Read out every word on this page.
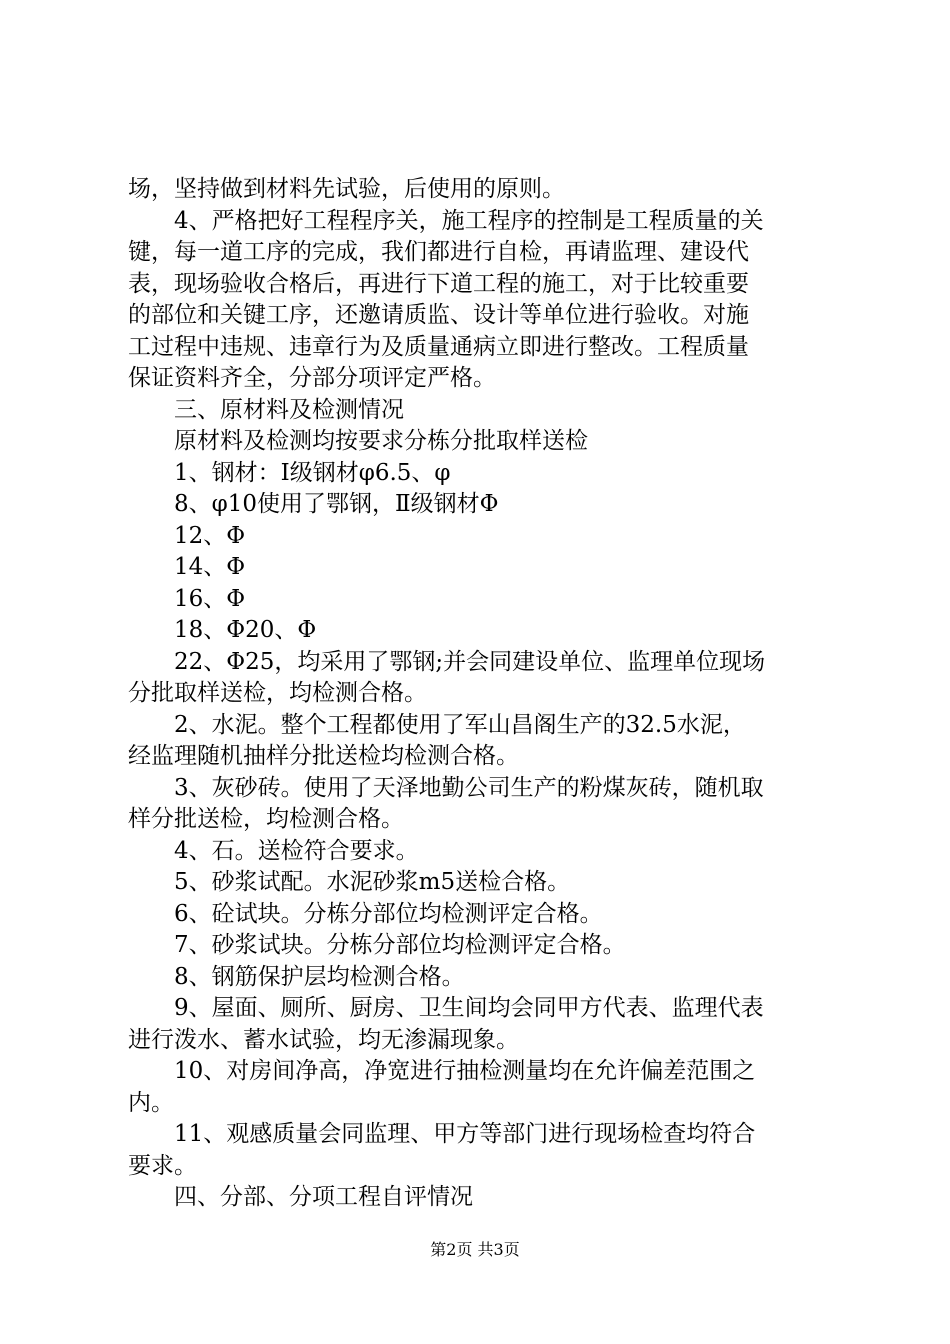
场，坚持做到材料先试验，后使用的原则。
　　4、严格把好工程程序关，施工程序的控制是工程质量的关
键，每一道工序的完成，我们都进行自检，再请监理、建设代
表，现场验收合格后，再进行下道工程的施工，对于比较重要
的部位和关键工序，还邀请质监、设计等单位进行验收。对施
工过程中违规、违章行为及质量通病立即进行整改。工程质量
保证资料齐全，分部分项评定严格。
　　三、原材料及检测情况
　　原材料及检测均按要求分栋分批取样送检
　　1、钢材：Ⅰ级钢材φ6.5、φ
　　8、φ10使用了鄂钢，Ⅱ级钢材Φ
　　12、Φ
　　14、Φ
　　16、Φ
　　18、Φ20、Φ
　　22、Φ25，均采用了鄂钢;并会同建设单位、监理单位现场
分批取样送检，均检测合格。
　　2、水泥。整个工程都使用了军山昌阁生产的32.5水泥，
经监理随机抽样分批送检均检测合格。
　　3、灰砂砖。使用了天泽地勤公司生产的粉煤灰砖，随机取
样分批送检，均检测合格。
　　4、石。送检符合要求。
　　5、砂浆试配。水泥砂浆m5送检合格。
　　6、砼试块。分栋分部位均检测评定合格。
　　7、砂浆试块。分栋分部位均检测评定合格。
　　8、钢筋保护层均检测合格。
　　9、屋面、厕所、厨房、卫生间均会同甲方代表、监理代表
进行泼水、蓄水试验，均无渗漏现象。
　　10、对房间净高，净宽进行抽检测量均在允许偏差范围之
内。
　　11、观感质量会同监理、甲方等部门进行现场检查均符合
要求。
　　四、分部、分项工程自评情况
第2页 共3页
